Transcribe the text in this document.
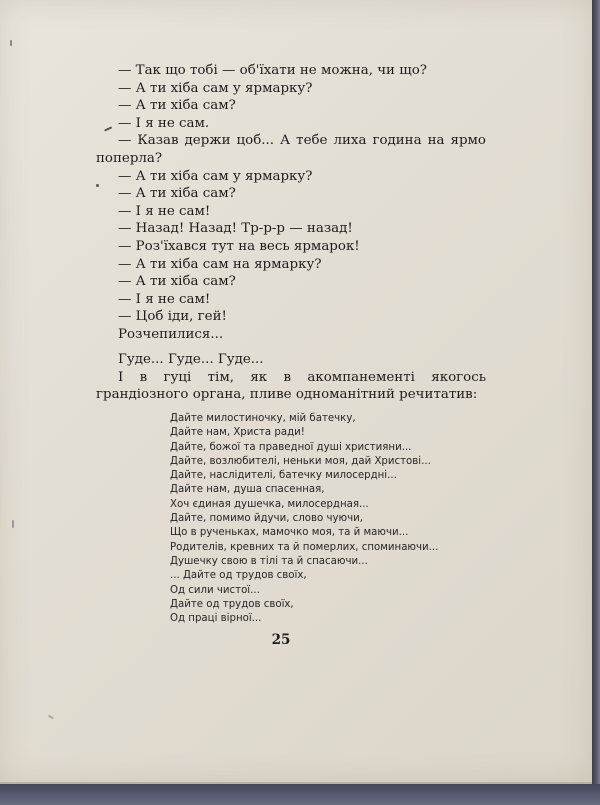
— Так що тобі — об'їхати не можна, чи що?
— А ти хіба сам у ярмарку?
— А ти хіба сам?
— І я не сам.
— Казав держи цоб... А тебе лиха година на ярмо поперла?
— А ти хіба сам у ярмарку?
— А ти хіба сам?
— І я не сам!
— Назад! Назад! Тр-р-р — назад!
— Роз'їхався тут на весь ярмарок!
— А ти хіба сам на ярмарку?
— А ти хіба сам?
— І я не сам!
— Цоб іди, гей!
Розчепилися...
Гуде... Гуде... Гуде...
І в гуці тім, як в акомпанементі якогось грандіозного органа, пливе одноманітний речитатив:
Дайте милостиночку, мій батечку,
Дайте нам, Христа ради!
Дайте, божої та праведної душі християни...
Дайте, возлюбителі, неньки моя, дай Христові...
Дайте, наслідителі, батечку милосердні...
Дайте нам, душа спасенная,
Хоч єдиная душечка, милосердная...
Дайте, помимо йдучи, слово чуючи,
Що в рученьках, мамочко моя, та й маючи...
Родителів, кревних та й померлих, споминаючи...
Душечку свою в тілі та й спасаючи...
... Дайте од трудов своїх,
Од сили чистої...
Дайте од трудов своїх,
Од праці вірної...
25
